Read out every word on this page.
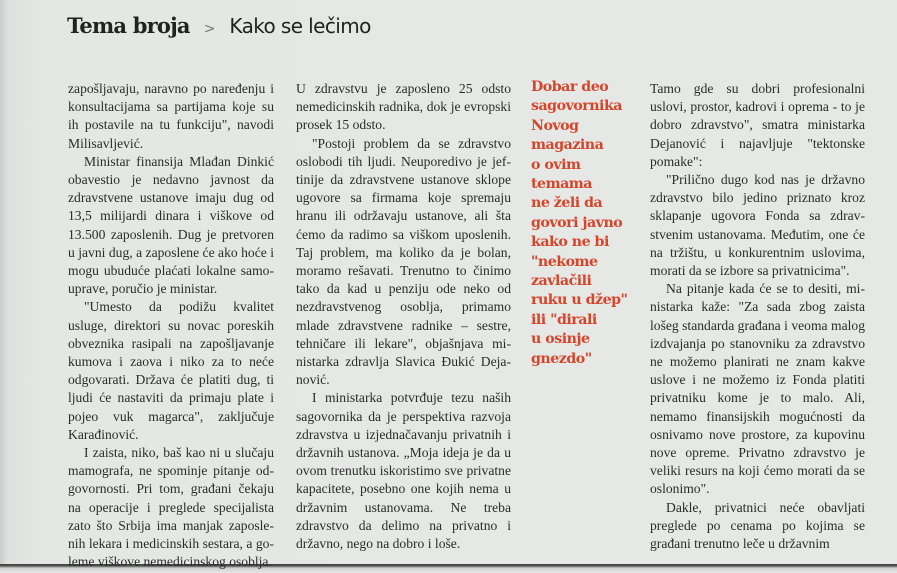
Tema broja > Kako se lečimo

zapošljavaju, naravno po naređenju i konsultacijama sa partijama koje su ih postavile na tu funkciju", navodi Milisavljević.

Ministar finansija Mlađan Dinkić obavestio je nedavno javnost da zdravstvene ustanove imaju dug od 13,5 milijardi dinara i viškove od 13.500 zaposlenih. Dug je pretvoren u javni dug, a zaposlene će ako hoće i mogu ubuduće plaćati lokalne samouprave, poručio je ministar.

"Umesto da podižu kvalitet usluge, direktori su novac poreskih obveznika rasipali na zapošljavanje kumova i zaova i niko za to neće odgovarati. Država će platiti dug, ti ljudi će nastaviti da primaju plate i pojeo vuk magarca", zaključuje Karađinović.

I zaista, niko, baš kao ni u slučaju mamografa, ne spominje pitanje odgovornosti. Pri tom, građani čekaju na operacije i preglede specijalista zato što Srbija ima manjak zaposlenih lekara i medicinskih sestara, a goleme viškove nemedicinskog osoblja.

U zdravstvu je zaposleno 25 odsto nemedicinskih radnika, dok je evropski prosek 15 odsto.

"Postoji problem da se zdravstvo oslobodi tih ljudi. Neuporedivo je jeftinije da zdravstvene ustanove sklope ugovore sa firmama koje spremaju hranu ili održavaju ustanove, ali šta ćemo da radimo sa viškom uposlenih. Taj problem, ma koliko da je bolan, moramo rešavati. Trenutno to činimo tako da kad u penziju ode neko od nezdravstvenog osoblja, primamo mlade zdravstvene radnike – sestre, tehničare ili lekare", objašnjava ministarka zdravlja Slavica Đukić Dejanović.

I ministarka potvrđuje tezu naših sagovornika da je perspektiva razvoja zdravstva u izjednačavanju privatnih i državnih ustanova. „Moja ideja je da u ovom trenutku iskoristimo sve privatne kapacitete, posebno one kojih nema u državnim ustanovama. Ne treba zdravstvo da delimo na privatno i državno, nego na dobro i loše.

Dobar deo
sagovornika
Novog
magazina
o ovim
temama
ne želi da
govori javno
kako ne bi
"nekome
zavlačili
ruku u džep"
ili "dirali
u osinje
gnezdo"

Tamo gde su dobri profesionalni uslovi, prostor, kadrovi i oprema - to je dobro zdravstvo", smatra ministarka Dejanović i najavljuje "tektonske pomake":

"Prilično dugo kod nas je državno zdravstvo bilo jedino priznato kroz sklapanje ugovora Fonda sa zdravstvenim ustanovama. Međutim, one će na tržištu, u konkurentnim uslovima, morati da se izbore sa privatnicima".

Na pitanje kada će se to desiti, ministarka kaže: "Za sada zbog zaista lošeg standarda građana i veoma malog izdvajanja po stanovniku za zdravstvo ne možemo planirati ne znam kakve uslove i ne možemo iz Fonda platiti privatniku kome je to malo. Ali, nemamo finansijskih mogućnosti da osnivamo nove prostore, za kupovinu nove opreme. Privatno zdravstvo je veliki resurs na koji ćemo morati da se oslonimo".

Dakle, privatnici neće obavljati preglede po cenama po kojima se građani trenutno leče u državnim
